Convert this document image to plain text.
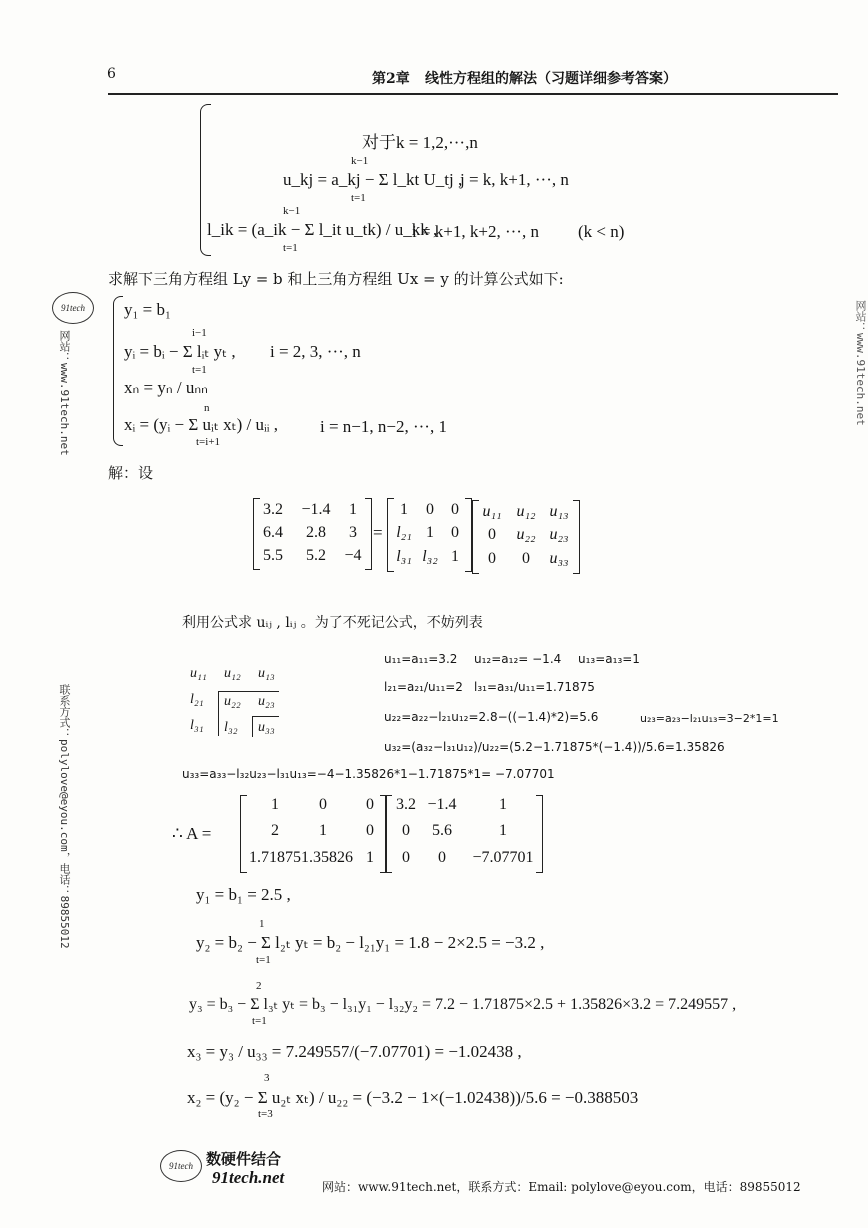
6	第2章 线性方程组的解法（习题详细参考答案）
对于k = 1,2,···,n
k−1
u_kj = a_kj − Σ l_kt U_tj ,
t=1
j = k, k+1, ···, n
k−1
l_ik = (a_ik − Σ l_it u_tk) / u_kk ,
t=1
i = k+1, k+2, ···, n (k < n)
求解下三角方程组 Ly = b 和上三角方程组 Ux = y 的计算公式如下:
y₁ = b₁
i−1
yᵢ = bᵢ − Σ lᵢₜ yₜ ,
t=1
i = 2, 3, ···, n
xₙ = yₙ / uₙₙ
n
xᵢ = (yᵢ − Σ uᵢₜ xₜ) / uᵢᵢ ,
t=i+1
i = n−1, n−2, ···, 1
解：设
3.2	−1.4	1
6.4	2.8	3
5.5	5.2	−4
=
1	0	0
l₂₁ 1	0
l₃₁ l₃₂ 1
u₁₁ u₁₂ u₁₃
0	u₂₂ u₂₃
0	0	u₃₃
利用公式求 uᵢⱼ , lᵢⱼ 。为了不死记公式，不妨列表
u₁₁ u₁₂ u₁₃
l₂₁ u₂₂ u₂₃
l₃₁ l₃₂ u₃₃
u₁₁=a₁₁=3.2 u₁₂=a₁₂= −1.4 u₁₃=a₁₃=1
l₂₁=a₂₁/u₁₁=2 l₃₁=a₃₁/u₁₁=1.71875
u₂₂=a₂₂−l₂₁u₁₂=2.8−((−1.4)*2)=5.6	u₂₃=a₂₃−l₂₁u₁₃=3−2*1=1
u₃₂=(a₃₂−l₃₁u₁₂)/u₂₂=(5.2−1.71875*(−1.4))/5.6=1.35826
u₃₃=a₃₃−l₃₂u₂₃−l₃₁u₁₃=−4−1.35826*1−1.71875*1= −7.07701
∴ A =
1	0	0
2	1	0
1.71875 1.35826 1
3.2 −1.4	1
0	5.6	1
0	0	−7.07701
y₁ = b₁ = 2.5 ,
1
y₂ = b₂ − Σ l₂ₜ yₜ = b₂ − l₂₁y₁ = 1.8 − 2×2.5 = −3.2 ,
t=1
2
y₃ = b₃ − Σ l₃ₜ yₜ = b₃ − l₃₁y₁ − l₃₂y₂ = 7.2 − 1.71875×2.5 + 1.35826×3.2 = 7.249557 ,
t=1
x₃ = y₃ / u₃₃ = 7.249557/(−7.07701) = −1.02438 ,
3
x₂ = (y₂ − Σ u₂ₜ xₜ) / u₂₂ = (−3.2 − 1×(−1.02438))/5.6 = −0.388503
t=3
91tech
网站：www.91tech.net
联系方式：polylove@eyou.com，电话：89855012
网站：www.91tech.net
91tech 数硬件结合
91tech.net	网站：www.91tech.net，联系方式：Email: polylove@eyou.com，电话：89855012
